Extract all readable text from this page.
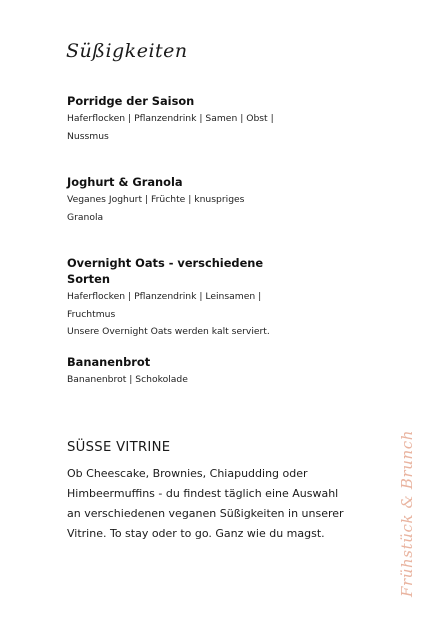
Süßigkeiten
Porridge der Saison
Haferflocken | Pflanzendrink | Samen | Obst |
Nussmus
Joghurt & Granola
Veganes Joghurt | Früchte | knuspriges
Granola
Overnight Oats - verschiedene Sorten
Haferflocken | Pflanzendrink | Leinsamen |
Fruchtmus
Unsere Overnight Oats werden kalt serviert.
Bananenbrot
Bananenbrot | Schokolade
SÜSSE VITRINE
Ob Cheescake, Brownies, Chiapudding oder
Himbeermuffins - du findest täglich eine Auswahl
an verschiedenen veganen Süßigkeiten in unserer
Vitrine. To stay oder to go. Ganz wie du magst.	Frühstück & Brunch
